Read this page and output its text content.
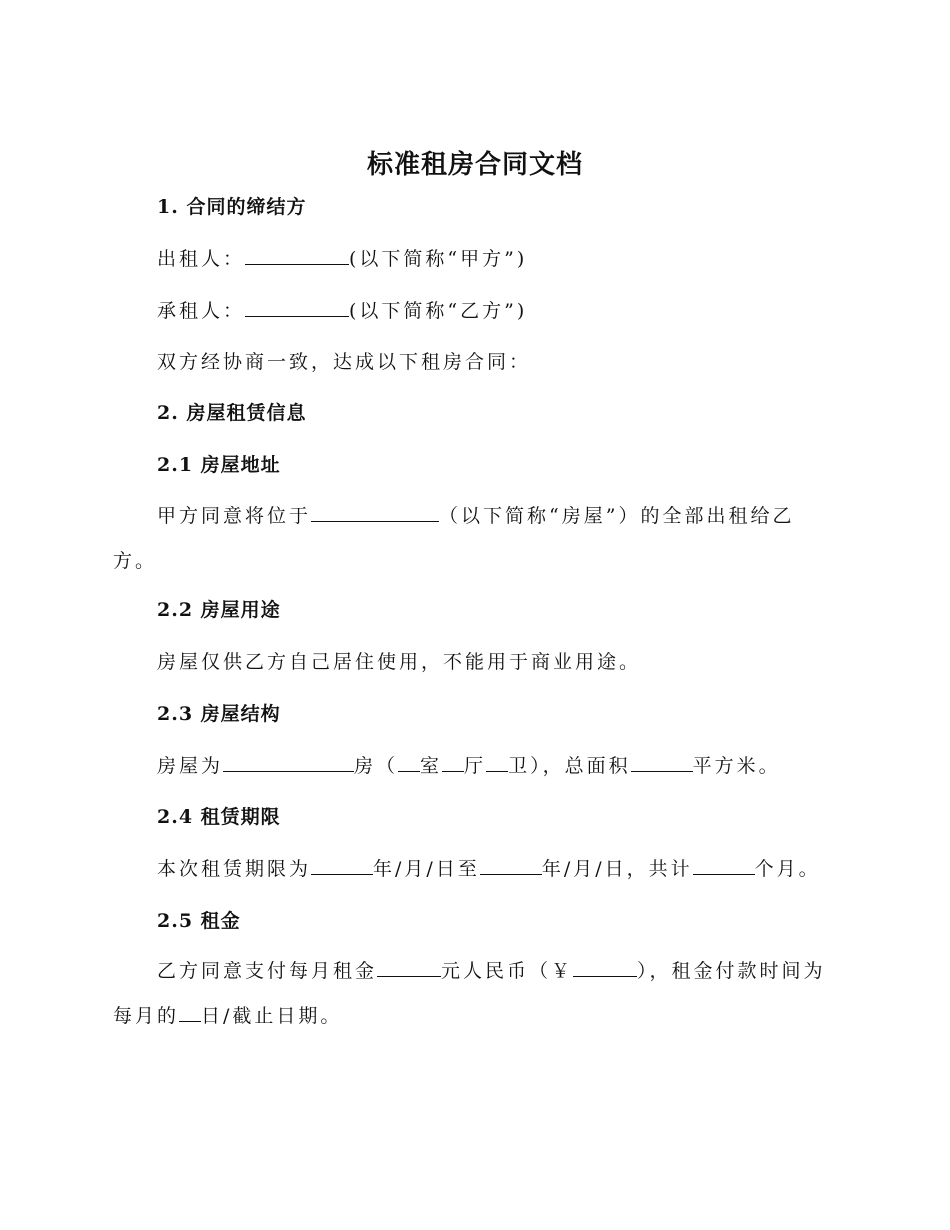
标准租房合同文档

1. 合同的缔结方

出租人：	(以下简称“甲方”)

承租人：	(以下简称“乙方”)

双方经协商一致，达成以下租房合同：

2. 房屋租赁信息

2.1 房屋地址

甲方同意将位于	（以下简称“房屋”）的全部出租给乙方。

2.2 房屋用途

房屋仅供乙方自己居住使用，不能用于商业用途。

2.3 房屋结构

房屋为	房（ 室 厅 卫），总面积	平方米。

2.4 租赁期限

本次租赁期限为	年/月/日至	年/月/日，共计	个月。

2.5 租金

乙方同意支付每月租金	元人民币（￥	），租金付款时间为每月的 日/截止日期。
